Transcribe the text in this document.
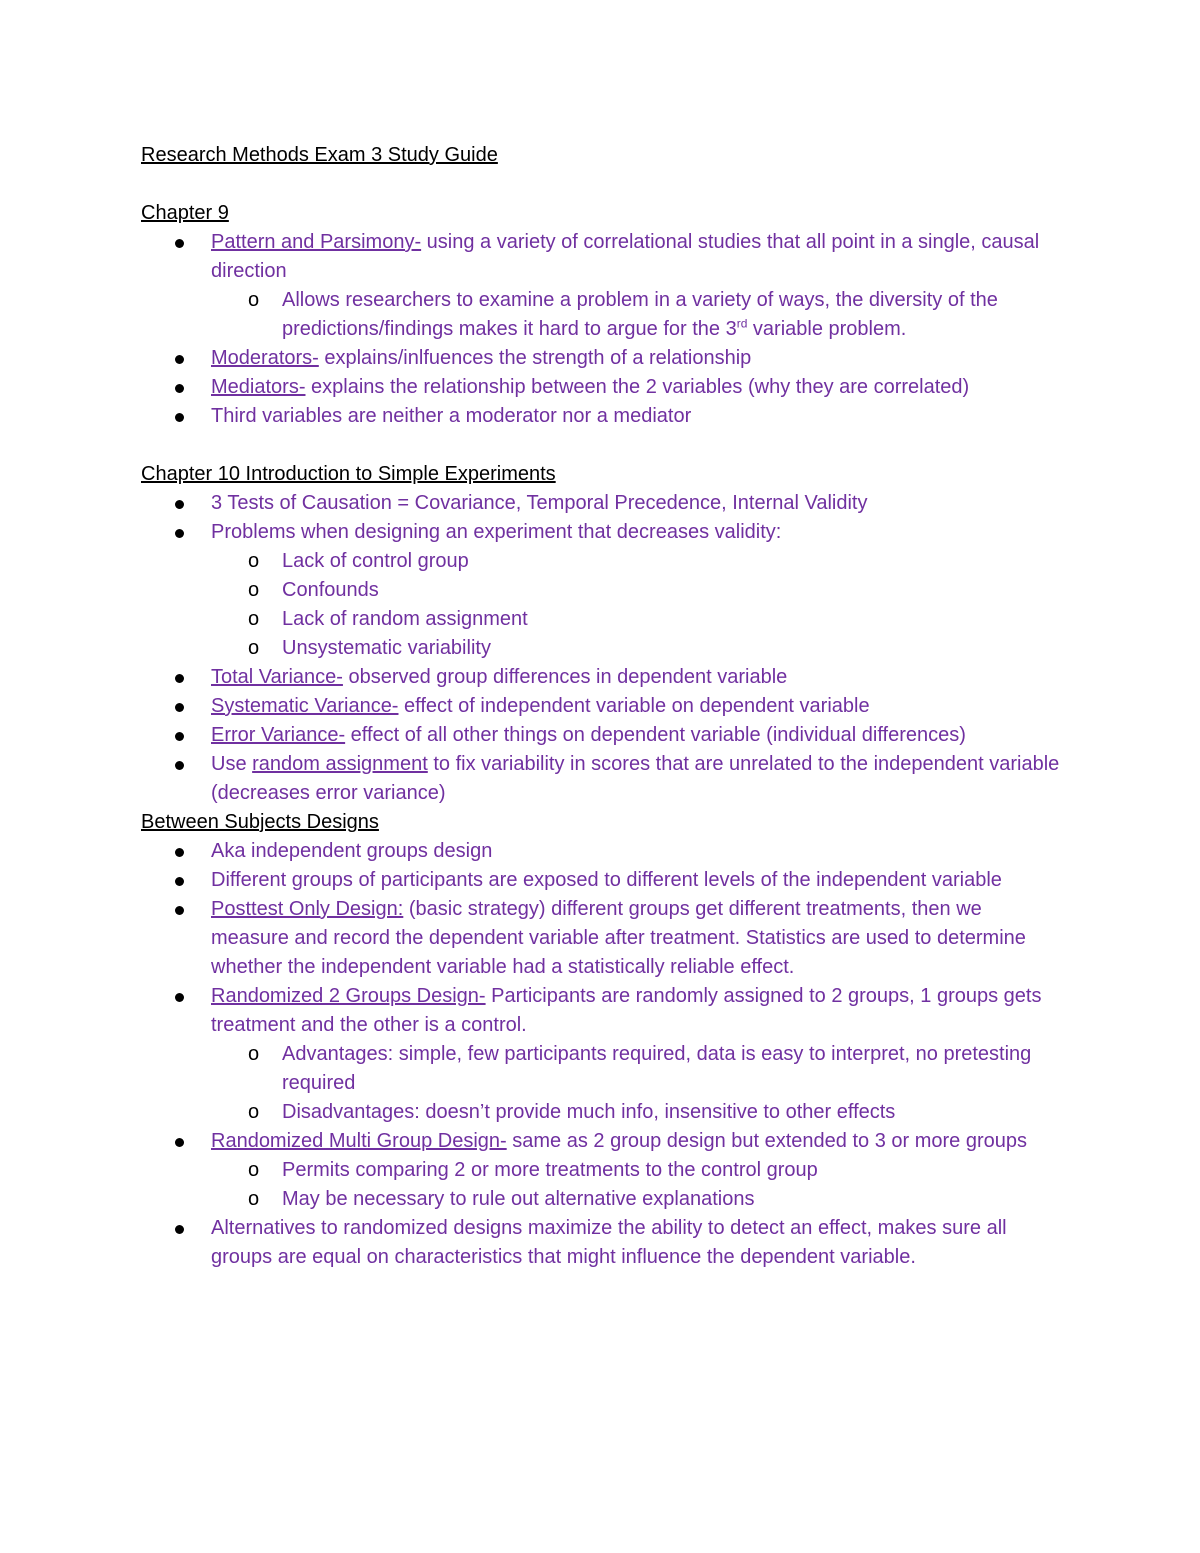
Research Methods Exam 3 Study Guide
Chapter 9
Pattern and Parsimony- using a variety of correlational studies that all point in a single, causal direction
o Allows researchers to examine a problem in a variety of ways, the diversity of the predictions/findings makes it hard to argue for the 3rd variable problem.
Moderators- explains/inlfuences the strength of a relationship
Mediators- explains the relationship between the 2 variables (why they are correlated)
Third variables are neither a moderator nor a mediator
Chapter 10 Introduction to Simple Experiments
3 Tests of Causation = Covariance, Temporal Precedence, Internal Validity
Problems when designing an experiment that decreases validity:
o Lack of control group
o Confounds
o Lack of random assignment
o Unsystematic variability
Total Variance- observed group differences in dependent variable
Systematic Variance- effect of independent variable on dependent variable
Error Variance- effect of all other things on dependent variable (individual differences)
Use random assignment to fix variability in scores that are unrelated to the independent variable (decreases error variance)
Between Subjects Designs
Aka independent groups design
Different groups of participants are exposed to different levels of the independent variable
Posttest Only Design: (basic strategy) different groups get different treatments, then we measure and record the dependent variable after treatment. Statistics are used to determine whether the independent variable had a statistically reliable effect.
Randomized 2 Groups Design- Participants are randomly assigned to 2 groups, 1 groups gets treatment and the other is a control.
o Advantages: simple, few participants required, data is easy to interpret, no pretesting required
o Disadvantages: doesn’t provide much info, insensitive to other effects
Randomized Multi Group Design- same as 2 group design but extended to 3 or more groups
o Permits comparing 2 or more treatments to the control group
o May be necessary to rule out alternative explanations
Alternatives to randomized designs maximize the ability to detect an effect, makes sure all groups are equal on characteristics that might influence the dependent variable.
